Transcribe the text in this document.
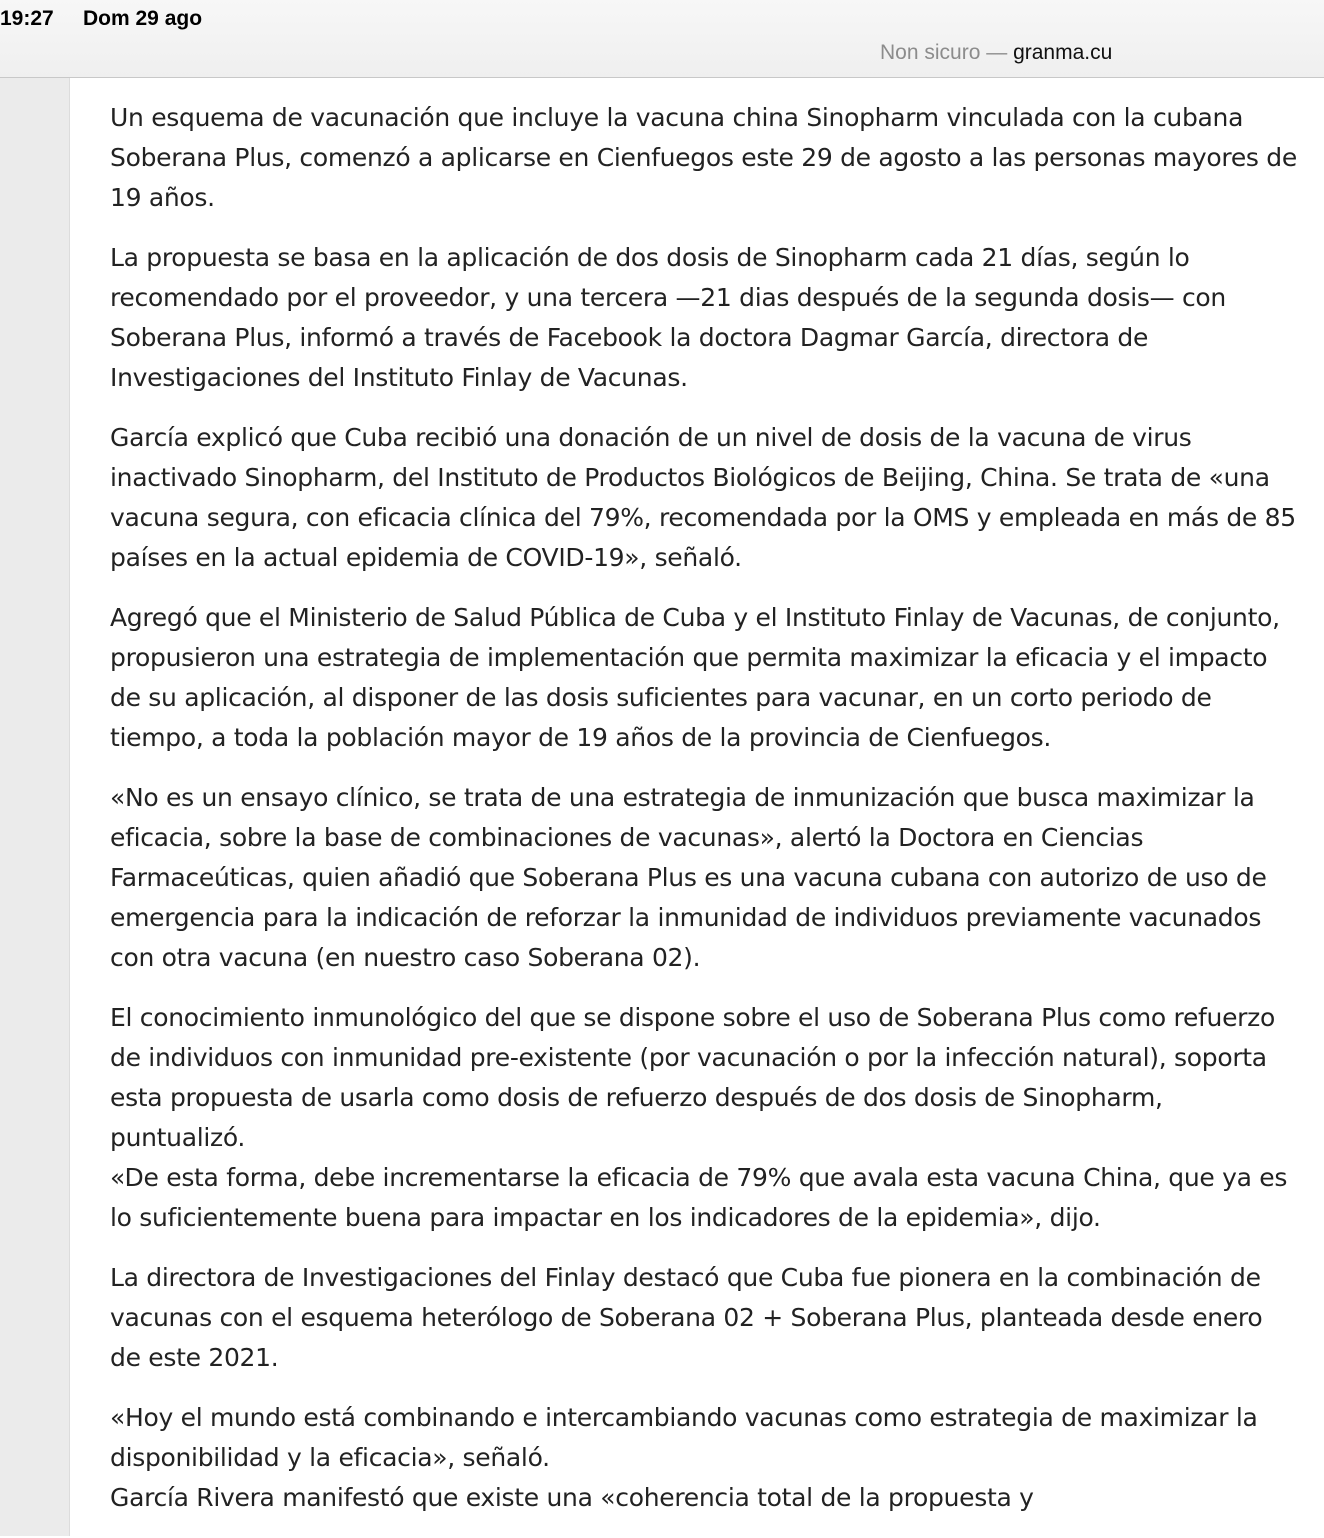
19:27 Dom 29 ago
Non sicuro — granma.cu

Un esquema de vacunación que incluye la vacuna china Sinopharm vinculada con la cubana Soberana Plus, comenzó a aplicarse en Cienfuegos este 29 de agosto a las personas mayores de 19 años.

La propuesta se basa en la aplicación de dos dosis de Sinopharm cada 21 días, según lo recomendado por el proveedor, y una tercera —21 dias después de la segunda dosis— con Soberana Plus, informó a través de Facebook la doctora Dagmar García, directora de Investigaciones del Instituto Finlay de Vacunas.

García explicó que Cuba recibió una donación de un nivel de dosis de la vacuna de virus inactivado Sinopharm, del Instituto de Productos Biológicos de Beijing, China. Se trata de «una vacuna segura, con eficacia clínica del 79%, recomendada por la OMS y empleada en más de 85 países en la actual epidemia de COVID-19», señaló.

Agregó que el Ministerio de Salud Pública de Cuba y el Instituto Finlay de Vacunas, de conjunto, propusieron una estrategia de implementación que permita maximizar la eficacia y el impacto de su aplicación, al disponer de las dosis suficientes para vacunar, en un corto periodo de tiempo, a toda la población mayor de 19 años de la provincia de Cienfuegos.

«No es un ensayo clínico, se trata de una estrategia de inmunización que busca maximizar la eficacia, sobre la base de combinaciones de vacunas», alertó la Doctora en Ciencias Farmaceúticas, quien añadió que Soberana Plus es una vacuna cubana con autorizo de uso de emergencia para la indicación de reforzar la inmunidad de individuos previamente vacunados con otra vacuna (en nuestro caso Soberana 02).

El conocimiento inmunológico del que se dispone sobre el uso de Soberana Plus como refuerzo de individuos con inmunidad pre-existente (por vacunación o por la infección natural), soporta esta propuesta de usarla como dosis de refuerzo después de dos dosis de Sinopharm, puntualizó.

«De esta forma, debe incrementarse la eficacia de 79% que avala esta vacuna China, que ya es lo suficientemente buena para impactar en los indicadores de la epidemia», dijo.

La directora de Investigaciones del Finlay destacó que Cuba fue pionera en la combinación de vacunas con el esquema heterólogo de Soberana 02 + Soberana Plus, planteada desde enero de este 2021.

«Hoy el mundo está combinando e intercambiando vacunas como estrategia de maximizar la disponibilidad y la eficacia», señaló.

García Rivera manifestó que existe una «coherencia total de la propuesta y
